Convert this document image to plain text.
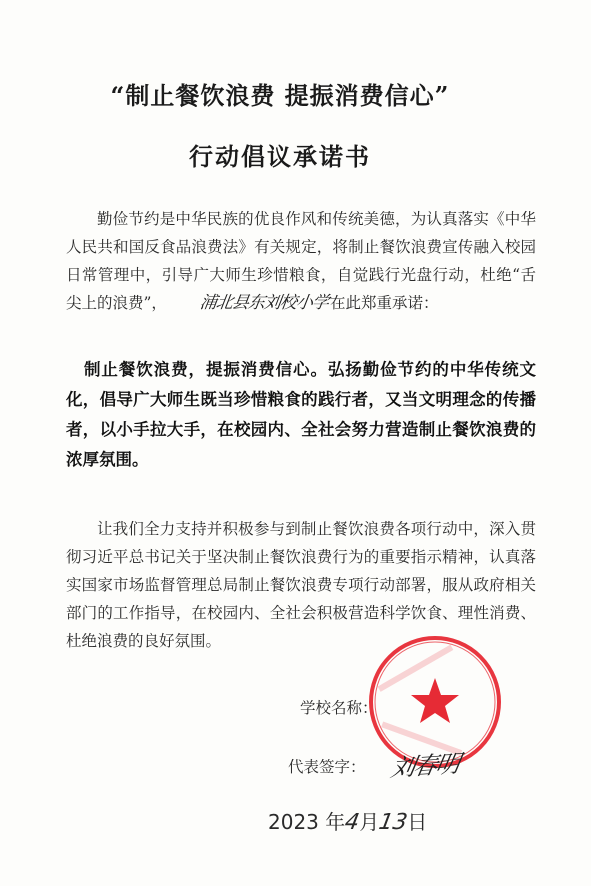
“制止餐饮浪费 提振消费信心”
行动倡议承诺书
勤俭节约是中华民族的优良作风和传统美德，为认真落实《中华人民共和国反食品浪费法》有关规定，将制止餐饮浪费宣传融入校园日常管理中，引导广大师生珍惜粮食，自觉践行光盘行动，杜绝“舌尖上的浪费”， 浦北县东刘校小学在此郑重承诺：
制止餐饮浪费，提振消费信心。弘扬勤俭节约的中华传统文化，倡导广大师生既当珍惜粮食的践行者，又当文明理念的传播者，以小手拉大手，在校园内、全社会努力营造制止餐饮浪费的浓厚氛围。
让我们全力支持并积极参与到制止餐饮浪费各项行动中，深入贯彻习近平总书记关于坚决制止餐饮浪费行为的重要指示精神，认真落实国家市场监督管理总局制止餐饮浪费专项行动部署，服从政府相关部门的工作指导，在校园内、全社会积极营造科学饮食、理性消费、杜绝浪费的良好氛围。
学校名称：
代表签字： 刘春明
2023 年4月13日
